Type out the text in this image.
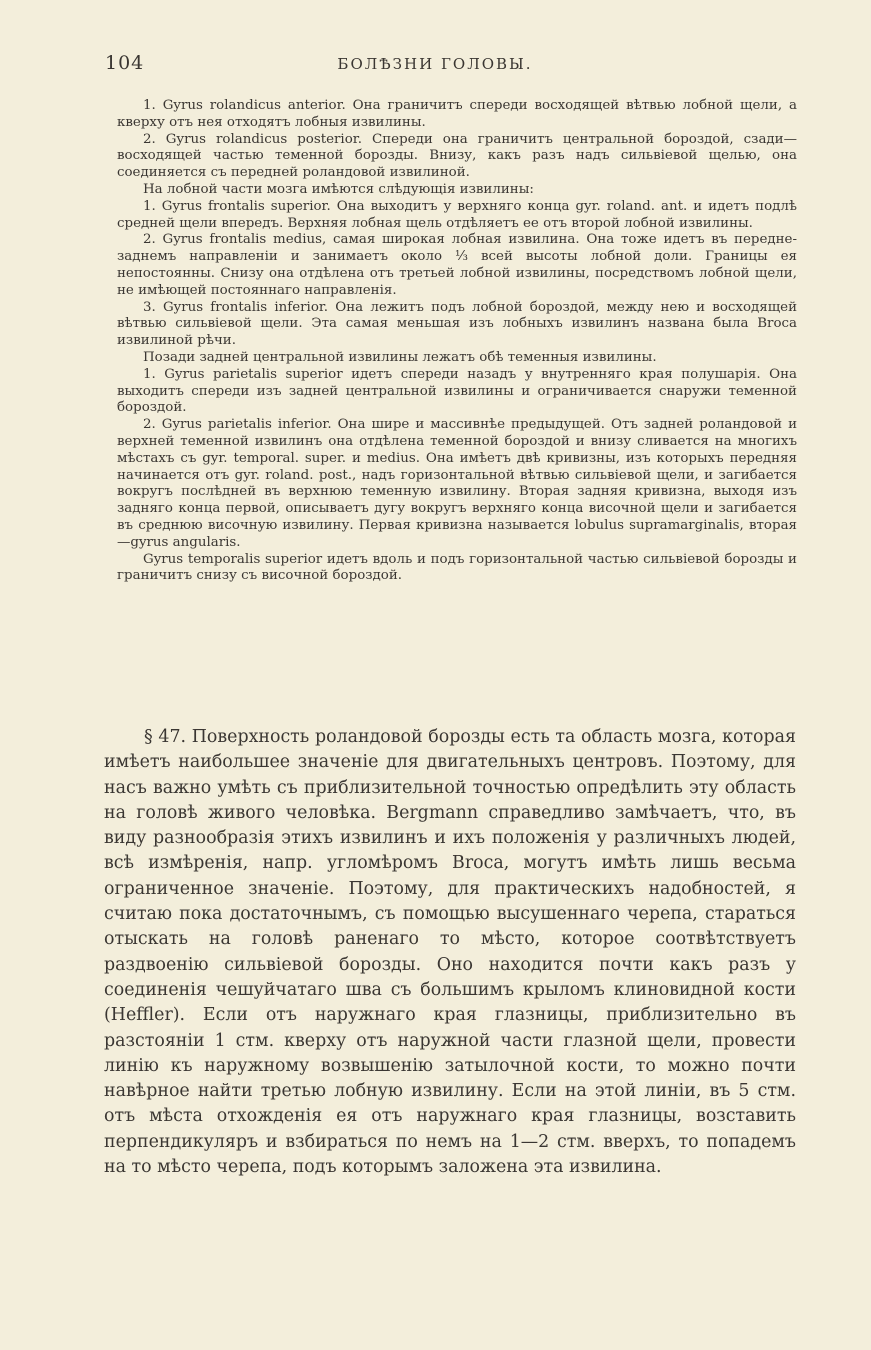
104	БОЛѢЗНИ ГОЛОВЫ.

1. Gyrus rolandicus anterior. Она граничитъ спереди восходящей вѣтвью лобной щели, а кверху отъ нея отходятъ лобныя извилины.

2. Gyrus rolandicus posterior. Спереди она граничитъ центральной бороздой, сзади—восходящей частью теменной борозды. Внизу, какъ разъ надъ сильвіевой щелью, она соединяется съ передней роландовой извилиной.

На лобной части мозга имѣются слѣдующія извилины:

1. Gyrus frontalis superior. Она выходитъ у верхняго конца gyr. roland. ant. и идетъ подлѣ средней щели впередъ. Верхняя лобная щель отдѣляетъ ее отъ второй лобной извилины.

2. Gyrus frontalis medius, самая широкая лобная извилина. Она тоже идетъ въ передне-заднемъ направленіи и занимаетъ около ⅓ всей высоты лобной доли. Границы ея непостоянны. Снизу она отдѣлена отъ третьей лобной извилины, посредствомъ лобной щели, не имѣющей постояннаго направленія.

3. Gyrus frontalis inferior. Она лежитъ подъ лобной бороздой, между нею и восходящей вѣтвью сильвіевой щели. Эта самая меньшая изъ лобныхъ извилинъ названа была Broca извилиной рѣчи.

Позади задней центральной извилины лежатъ обѣ теменныя извилины.

1. Gyrus parietalis superior идетъ спереди назадъ у внутренняго края полушарія. Она выходитъ спереди изъ задней центральной извилины и ограничивается снаружи теменной бороздой.

2. Gyrus parietalis inferior. Она шире и массивнѣе предыдущей. Отъ задней роландовой и верхней теменной извилинъ она отдѣлена теменной бороздой и внизу сливается на многихъ мѣстахъ съ gyr. temporal. super. и medius. Она имѣетъ двѣ кривизны, изъ которыхъ передняя начинается отъ gyr. roland. post., надъ горизонтальной вѣтвью сильвіевой щели, и загибается вокругъ послѣдней въ верхнюю теменную извилину. Вторая задняя кривизна, выходя изъ задняго конца первой, описываетъ дугу вокругъ верхняго конца височной щели и загибается въ среднюю височную извилину. Первая кривизна называется lobulus supramarginalis, вторая—gyrus angularis.

Gyrus temporalis superior идетъ вдоль и подъ горизонтальной частью сильвіевой борозды и граничитъ снизу съ височной бороздой.

§ 47. Поверхность роландовой борозды есть та область мозга, которая имѣетъ наибольшее значеніе для двигательныхъ центровъ. Поэтому, для насъ важно умѣть съ приблизительной точностью опредѣлить эту область на головѣ живого человѣка. Bergmann справедливо замѣчаетъ, что, въ виду разнообразія этихъ извилинъ и ихъ положенія у различныхъ людей, всѣ измѣренія, напр. угломѣромъ Broca, могутъ имѣть лишь весьма ограниченное значеніе. Поэтому, для практическихъ надобностей, я считаю пока достаточнымъ, съ помощью высушеннаго черепа, стараться отыскать на головѣ раненаго то мѣсто, которое соотвѣтствуетъ раздвоенію сильвіевой борозды. Оно находится почти какъ разъ у соединенія чешуйчатаго шва съ большимъ крыломъ клиновидной кости (Heffler). Если отъ наружнаго края глазницы, приблизительно въ разстояніи 1 стм. кверху отъ наружной части глазной щели, провести линію къ наружному возвышенію затылочной кости, то можно почти навѣрное найти третью лобную извилину. Если на этой линіи, въ 5 стм. отъ мѣста отхожденія ея отъ наружнаго края глазницы, возставить перпендикуляръ и взбираться по немъ на 1—2 стм. вверхъ, то попадемъ на то мѣсто черепа, подъ которымъ заложена эта извилина.
